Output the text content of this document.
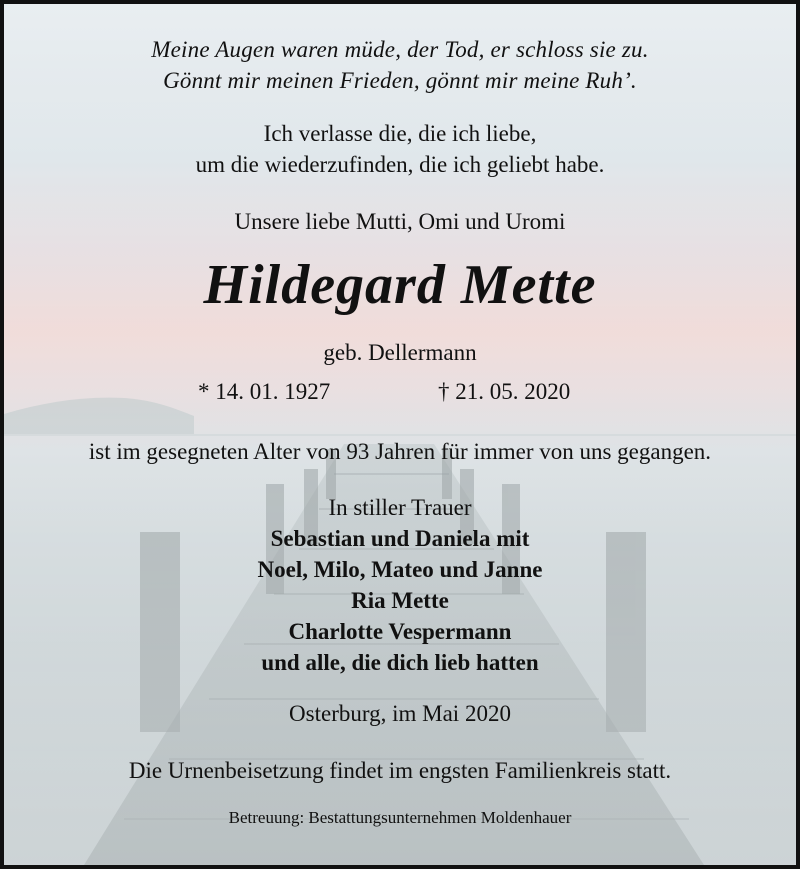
Meine Augen waren müde, der Tod, er schloss sie zu.
Gönnt mir meinen Frieden, gönnt mir meine Ruh’.
Ich verlasse die, die ich liebe,
um die wiederzufinden, die ich geliebt habe.
Unsere liebe Mutti, Omi und Uromi
Hildegard Mette
geb. Dellermann
* 14. 01. 1927	† 21. 05. 2020
ist im gesegneten Alter von 93 Jahren für immer von uns gegangen.
In stiller Trauer
Sebastian und Daniela mit
Noel, Milo, Mateo und Janne
Ria Mette
Charlotte Vespermann
und alle, die dich lieb hatten
Osterburg, im Mai 2020
Die Urnenbeisetzung findet im engsten Familienkreis statt.
Betreuung: Bestattungsunternehmen Moldenhauer
